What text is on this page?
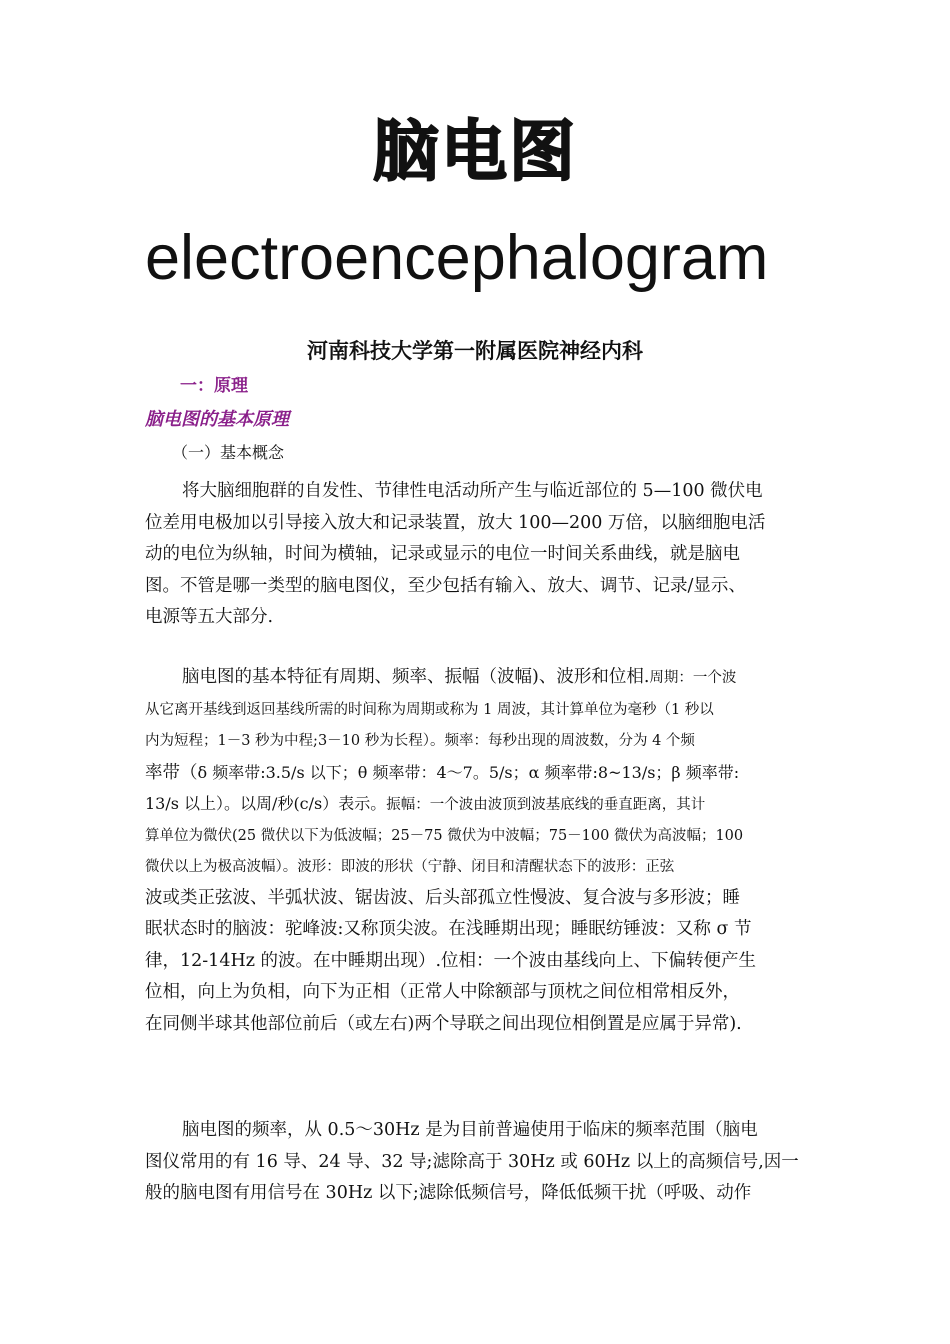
脑电图
electroencephalogram
河南科技大学第一附属医院神经内科
一：原理
脑电图的基本原理
（一）基本概念
将大脑细胞群的自发性、节律性电活动所产生与临近部位的 5—100 微伏电
位差用电极加以引导接入放大和记录装置，放大 100—200 万倍，以脑细胞电活
动的电位为纵轴，时间为横轴，记录或显示的电位一时间关系曲线，就是脑电
图。不管是哪一类型的脑电图仪，至少包括有输入、放大、调节、记录/显示、
电源等五大部分.
脑电图的基本特征有周期、频率、振幅（波幅)、波形和位相.周期：一个波
从它离开基线到返回基线所需的时间称为周期或称为 1 周波，其计算单位为毫秒（1 秒以
内为短程；1－3 秒为中程;3－10 秒为长程）。频率：每秒出现的周波数，分为 4 个频
率带（δ 频率带:3.5/s 以下；θ 频率带：4～7。5/s；α 频率带:8~13/s；β 频率带:
13/s 以上）。以周/秒(c/s）表示。振幅：一个波由波顶到波基底线的垂直距离，其计
算单位为微伏(25 微伏以下为低波幅；25－75 微伏为中波幅；75－100 微伏为高波幅；100
微伏以上为极高波幅）。波形：即波的形状（宁静、闭目和清醒状态下的波形：正弦
波或类正弦波、半弧状波、锯齿波、后头部孤立性慢波、复合波与多形波；睡
眠状态时的脑波：驼峰波:又称顶尖波。在浅睡期出现；睡眠纺锤波：又称 σ 节
律，12-14Hz 的波。在中睡期出现）.位相：一个波由基线向上、下偏转便产生
位相，向上为负相，向下为正相（正常人中除额部与顶枕之间位相常相反外，
在同侧半球其他部位前后（或左右)两个导联之间出现位相倒置是应属于异常).
脑电图的频率，从 0.5～30Hz 是为目前普遍使用于临床的频率范围（脑电
图仪常用的有 16 导、24 导、32 导;滤除高于 30Hz 或 60Hz 以上的高频信号,因一
般的脑电图有用信号在 30Hz 以下;滤除低频信号，降低低频干扰（呼吸、动作
